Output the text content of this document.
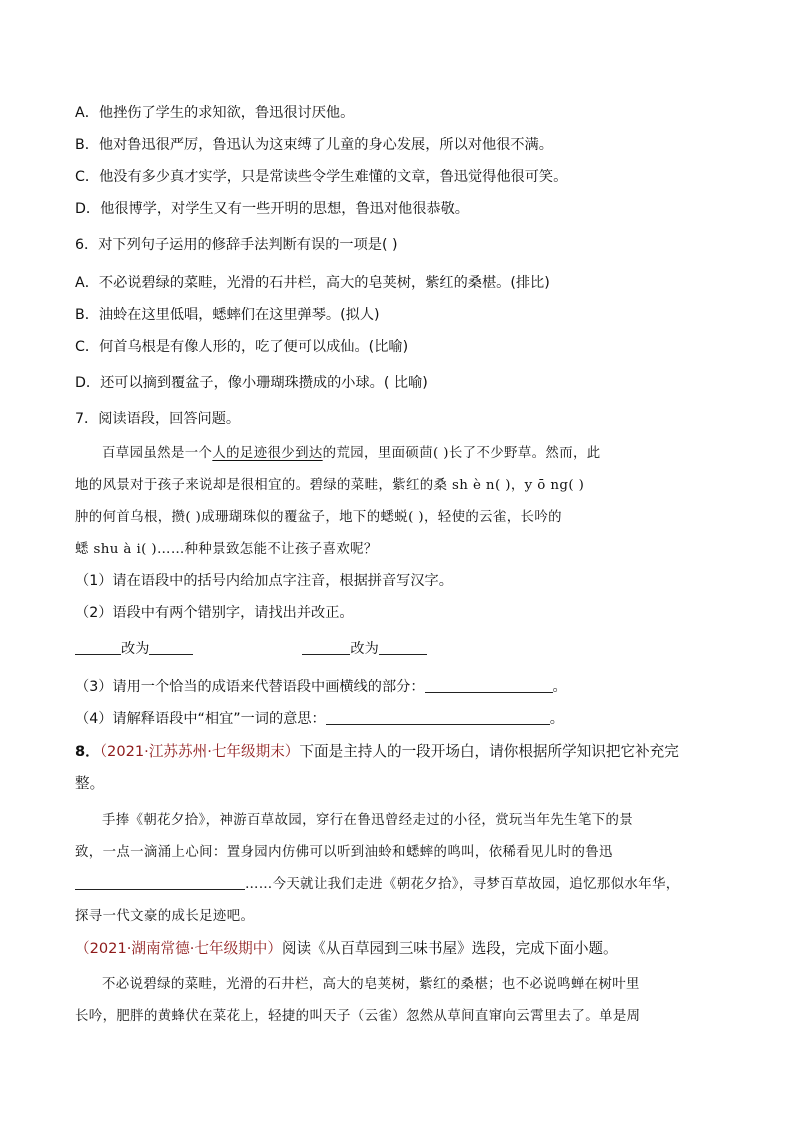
A．他挫伤了学生的求知欲，鲁迅很讨厌他。
B．他对鲁迅很严厉，鲁迅认为这束缚了儿童的身心发展，所以对他很不满。
C．他没有多少真才实学，只是常读些令学生难懂的文章，鲁迅觉得他很可笑。
D．他很博学，对学生又有一些开明的思想，鲁迅对他很恭敬。
6．对下列句子运用的修辞手法判断有误的一项是( )
A．不必说碧绿的菜畦，光滑的石井栏，高大的皂荚树，紫红的桑椹。(排比)
B．油蛉在这里低唱，蟋蟀们在这里弹琴。(拟人)
C．何首乌根是有像人形的，吃了便可以成仙。(比喻)
D．还可以摘到覆盆子，像小珊瑚珠攒成的小球。( 比喻)
7．阅读语段，回答问题。
百草园虽然是一个人的足迹很少到达的荒园，里面硕茴( )长了不少野草。然而，此
地的风景对于孩子来说却是很相宜的。碧绿的菜畦，紫红的桑 sh è n( )，y ō ng( )
肿的何首乌根，攒( )成珊瑚珠似的覆盆子，地下的蟋蜕( )，轻使的云雀，长吟的
蟋 shu à i( )……种种景致怎能不让孩子喜欢呢？
（1）请在语段中的括号内给加点字注音，根据拼音写汉字。
（2）语段中有两个错别字，请找出并改正。
改为	改为
（3）请用一个恰当的成语来代替语段中画横线的部分：	。
（4）请解释语段中“相宜”一词的意思：	。
8．（2021·江苏苏州·七年级期末）下面是主持人的一段开场白，请你根据所学知识把它补充完
整。
手捧《朝花夕拾》，神游百草故园，穿行在鲁迅曾经走过的小径，赏玩当年先生笔下的景
致，一点一滴涌上心间：置身园内仿佛可以听到油蛉和蟋蟀的鸣叫，依稀看见儿时的鲁迅
……今天就让我们走进《朝花夕拾》，寻梦百草故园，追忆那似水年华，
探寻一代文豪的成长足迹吧。
（2021·湖南常德·七年级期中）阅读《从百草园到三味书屋》选段，完成下面小题。
不必说碧绿的菜畦，光滑的石井栏，高大的皂荚树，紫红的桑椹；也不必说鸣蝉在树叶里
长吟，肥胖的黄蜂伏在菜花上，轻捷的叫天子（云雀）忽然从草间直窜向云霄里去了。单是周
